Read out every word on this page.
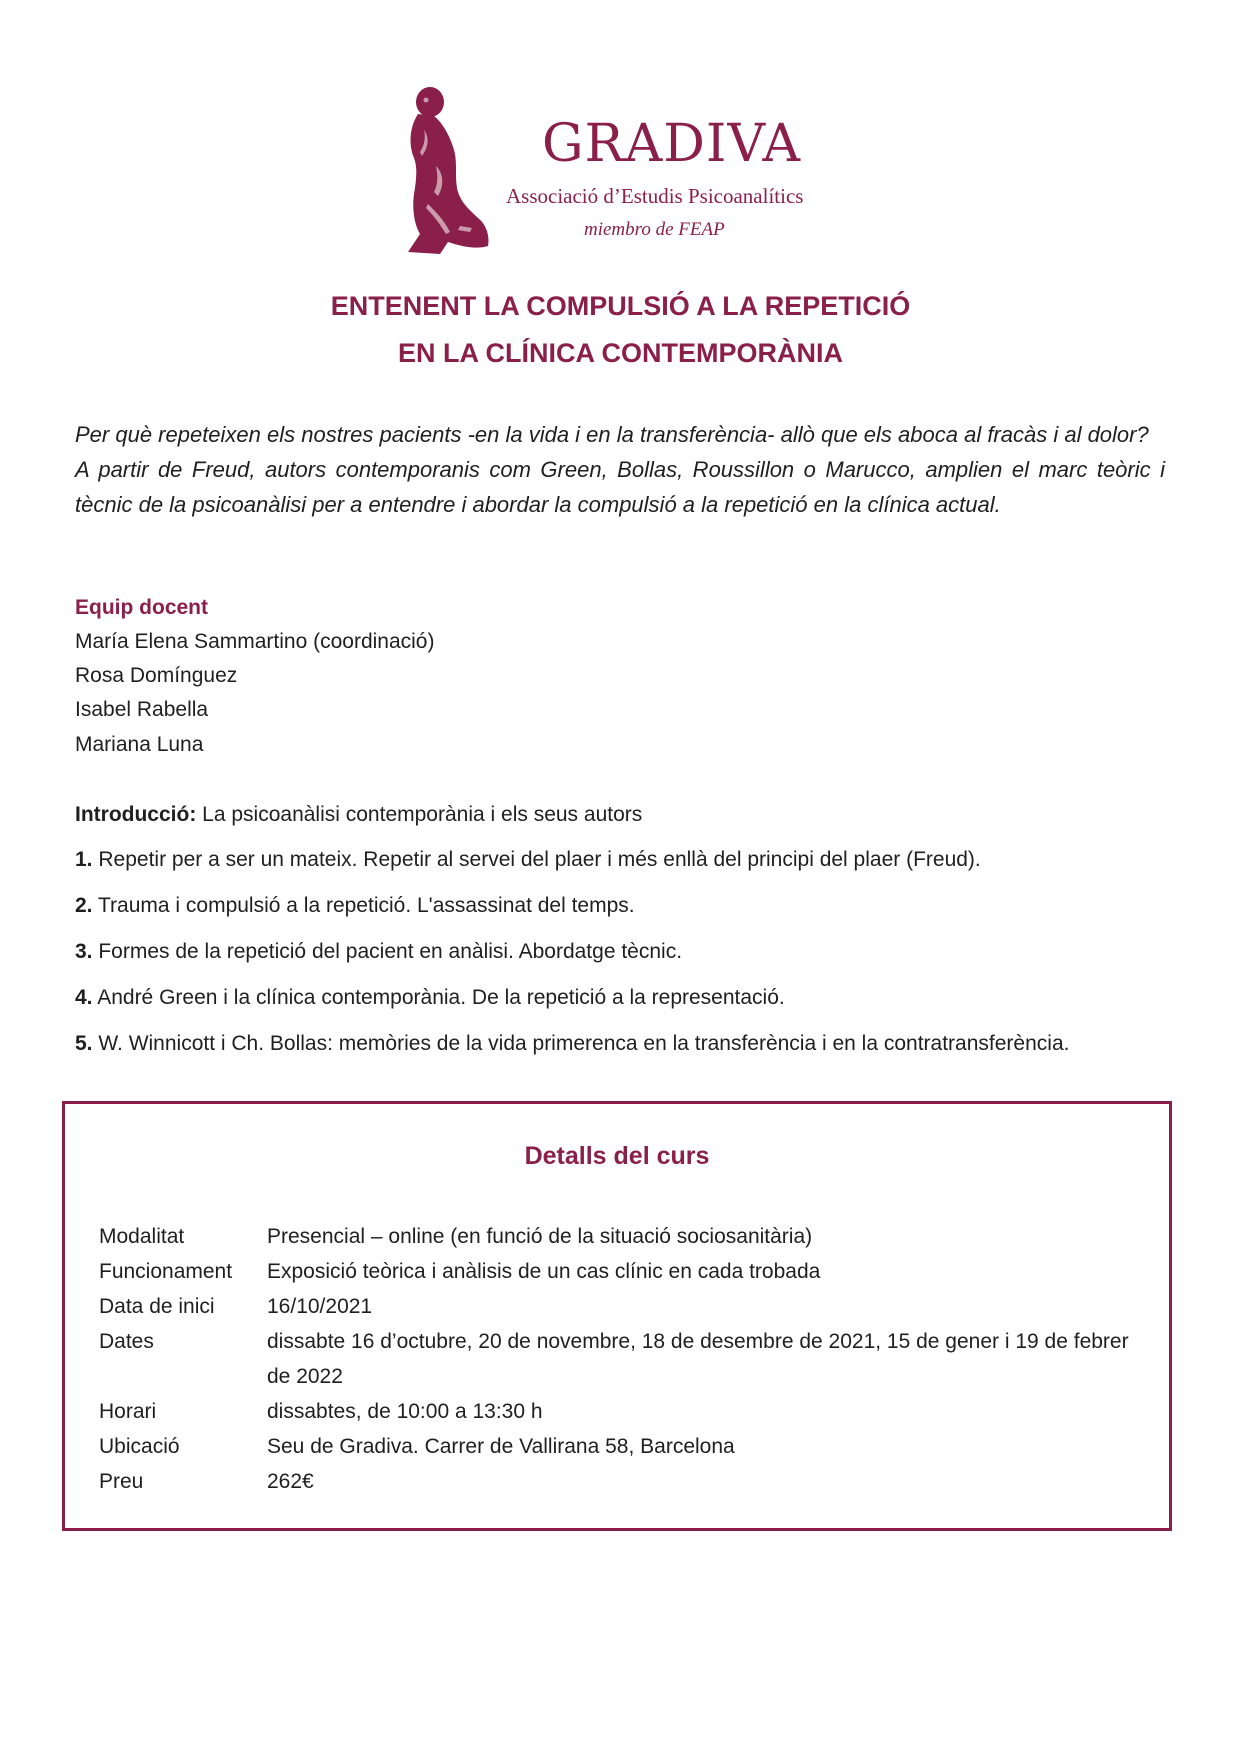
GRADIVA
Associació d’Estudis Psicoanalítics
miembro de FEAP
ENTENENT LA COMPULSIÓ A LA REPETICIÓ
EN LA CLÍNICA CONTEMPORÀNIA

Per què repeteixen els nostres pacients -en la vida i en la transferència- allò que els aboca al fracàs i al dolor?

A partir de Freud, autors contemporanis com Green, Bollas, Roussillon o Marucco, amplien el marc teòric i tècnic de la psicoanàlisi per a entendre i abordar la compulsió a la repetició en la clínica actual.

Equip docent
María Elena Sammartino (coordinació)
Rosa Domínguez
Isabel Rabella
Mariana Luna
Introducció: La psicoanàlisi contemporània i els seus autors
1. Repetir per a ser un mateix. Repetir al servei del plaer i més enllà del principi del plaer (Freud).
2. Trauma i compulsió a la repetició. L'assassinat del temps.
3. Formes de la repetició del pacient en anàlisi. Abordatge tècnic.
4. André Green i la clínica contemporània. De la repetició a la representació.
5. W. Winnicott i Ch. Bollas: memòries de la vida primerenca en la transferència i en la contratransferència.
Detalls del curs
Modalitat	Presencial – online (en funció de la situació sociosanitària)
Funcionament	Exposició teòrica i anàlisis de un cas clínic en cada trobada
Data de inici	16/10/2021
Dates	dissabte 16 d’octubre, 20 de novembre, 18 de desembre de 2021, 15 de gener i 19 de febrer de 2022
Horari	dissabtes, de 10:00 a 13:30 h
Ubicació	Seu de Gradiva. Carrer de Vallirana 58, Barcelona
Preu	262€
